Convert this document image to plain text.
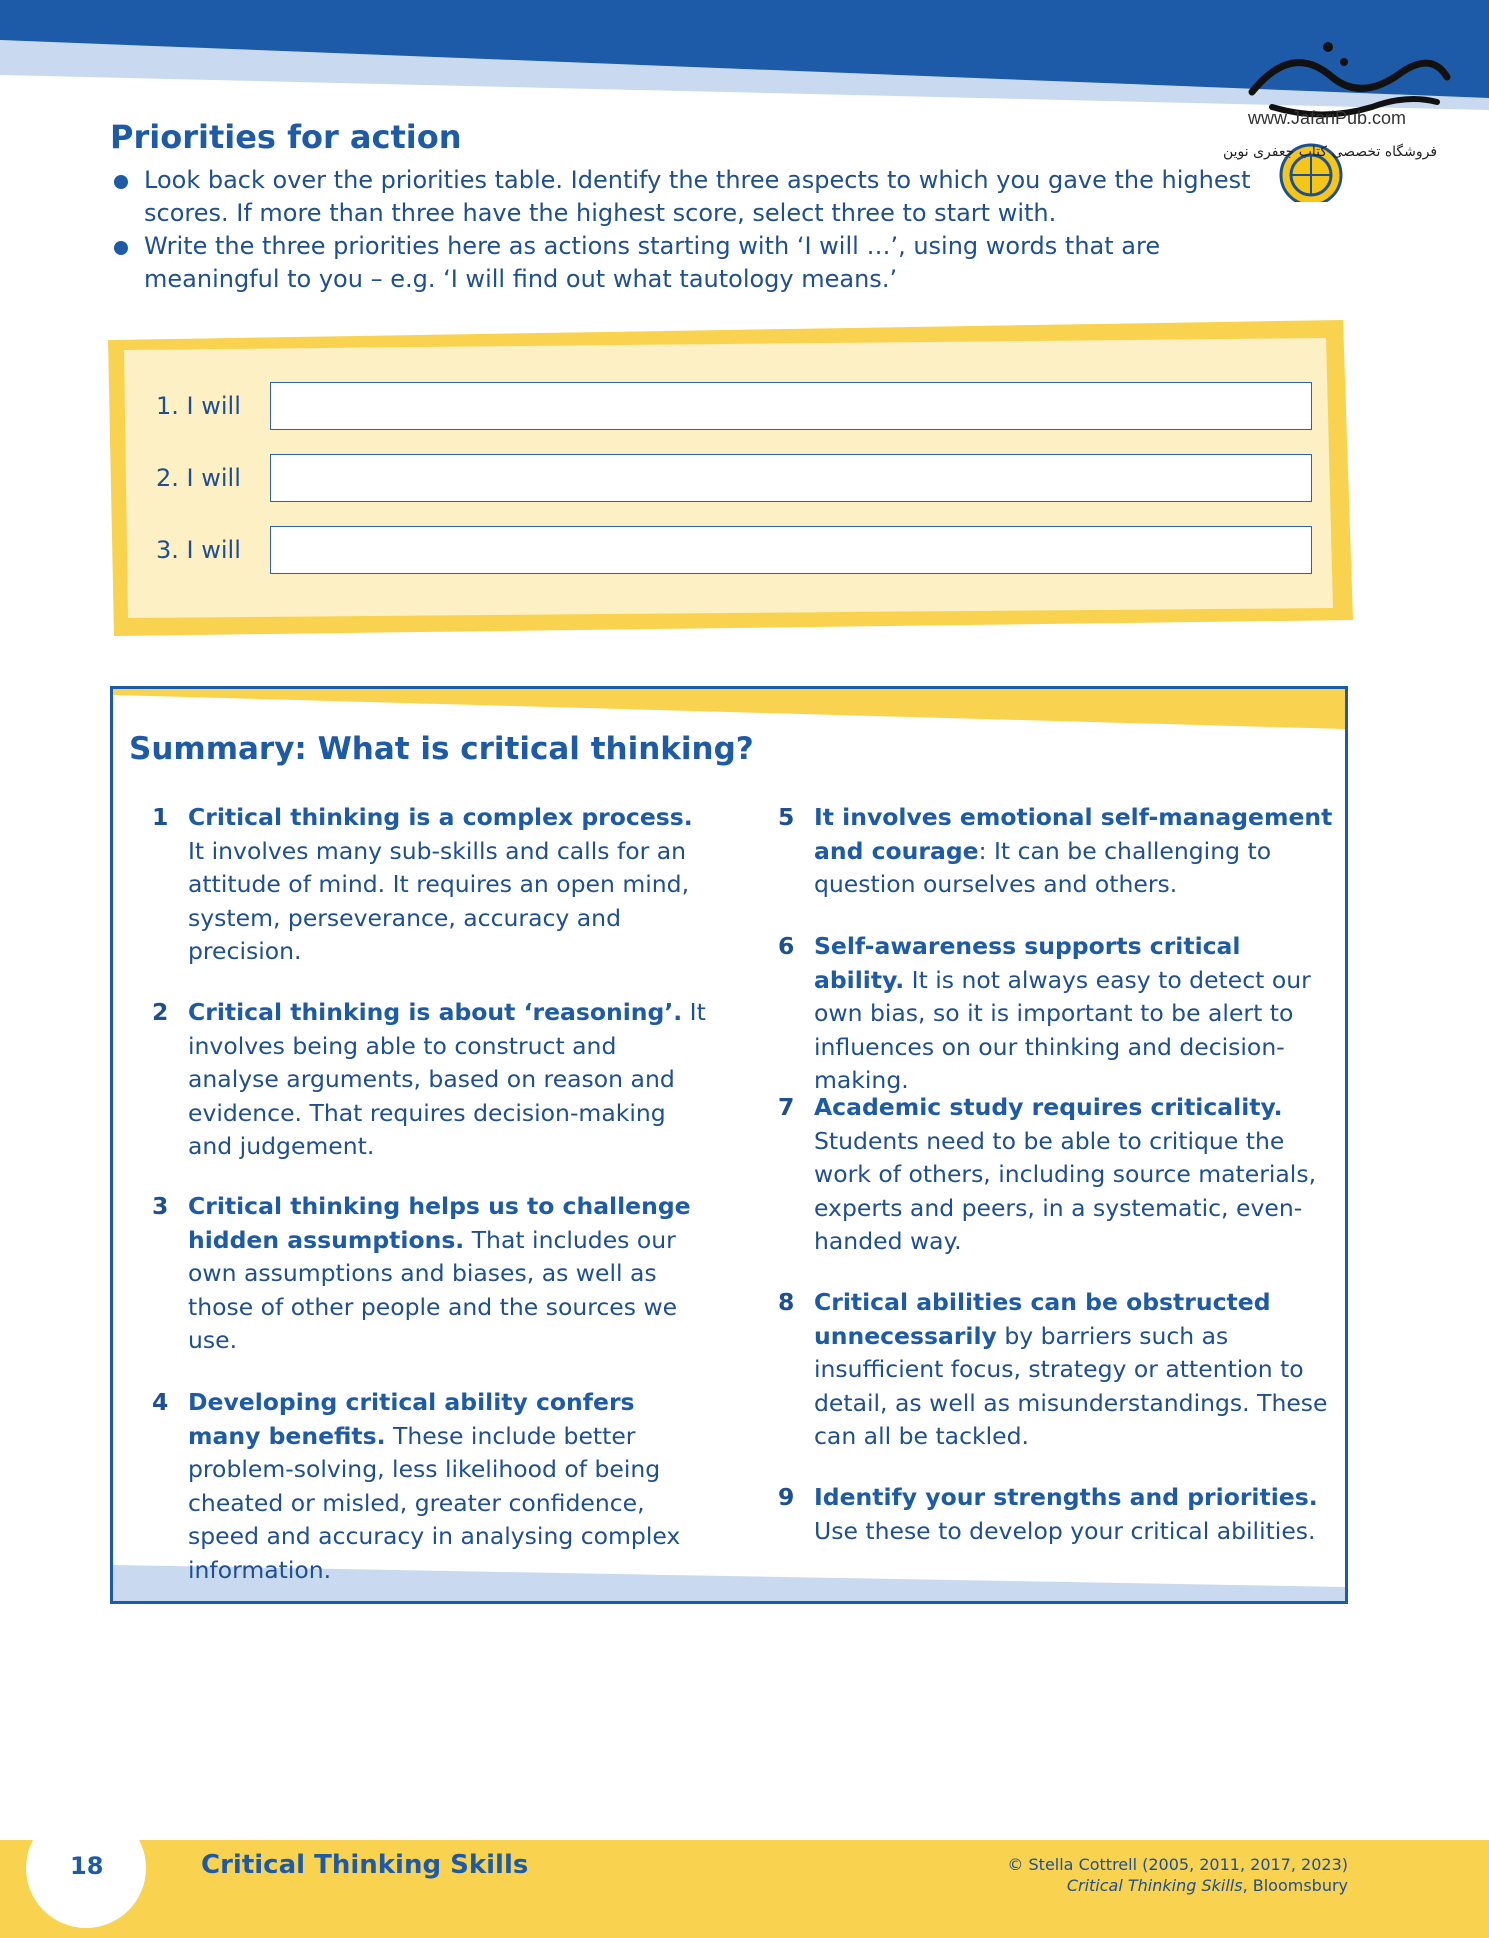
www.JafariPub.com
فروشگاه تخصصی کتاب جعفری نوین
Priorities for action
Look back over the priorities table. Identify the three aspects to which you gave the highest scores. If more than three have the highest score, select three to start with.
Write the three priorities here as actions starting with ‘I will …’, using words that are meaningful to you – e.g. ‘I will find out what tautology means.’
1. I will
2. I will
3. I will
Summary: What is critical thinking?
1 Critical thinking is a complex process. It involves many sub-skills and calls for an attitude of mind. It requires an open mind, system, perseverance, accuracy and precision.
2 Critical thinking is about ‘reasoning’. It involves being able to construct and analyse arguments, based on reason and evidence. That requires decision-making and judgement.
3 Critical thinking helps us to challenge hidden assumptions. That includes our own assumptions and biases, as well as those of other people and the sources we use.
4 Developing critical ability confers many benefits. These include better problem-solving, less likelihood of being cheated or misled, greater confidence, speed and accuracy in analysing complex information.
5 It involves emotional self-management and courage: It can be challenging to question ourselves and others.
6 Self-awareness supports critical ability. It is not always easy to detect our own bias, so it is important to be alert to influences on our thinking and decision-making.
7 Academic study requires criticality. Students need to be able to critique the work of others, including source materials, experts and peers, in a systematic, even-handed way.
8 Critical abilities can be obstructed unnecessarily by barriers such as insufficient focus, strategy or attention to detail, as well as misunderstandings. These can all be tackled.
9 Identify your strengths and priorities. Use these to develop your critical abilities.
18	Critical Thinking Skills	© Stella Cottrell (2005, 2011, 2017, 2023)
Critical Thinking Skills, Bloomsbury
